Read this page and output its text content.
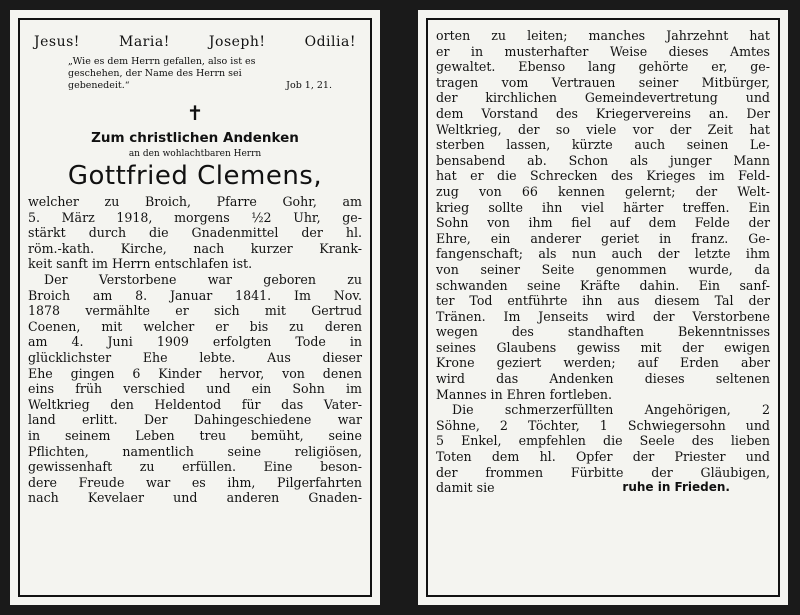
Jesus!	Maria!	Joseph!	Odilia!
„Wie es dem Herrn gefallen, also ist es
geschehen, der Name des Herrn sei
gebenedeit.“	Job 1, 21.
✝
Zum christlichen Andenken
an den wohlachtbaren Herrn
Gottfried Clemens,
welcher zu Broich, Pfarre Gohr, am
5. März 1918, morgens ½2 Uhr, ge-
stärkt durch die Gnadenmittel der hl.
röm.-kath. Kirche, nach kurzer Krank-
keit sanft im Herrn entschlafen ist.
Der Verstorbene war geboren zu
Broich am 8. Januar 1841. Im Nov.
1878 vermählte er sich mit Gertrud
Coenen, mit welcher er bis zu deren
am 4. Juni 1909 erfolgten Tode in
glücklichster Ehe lebte. Aus dieser
Ehe gingen 6 Kinder hervor, von denen
eins früh verschied und ein Sohn im
Weltkrieg den Heldentod für das Vater-
land erlitt. Der Dahingeschiedene war
in seinem Leben treu bemüht, seine
Pflichten, namentlich seine religiösen,
gewissenhaft zu erfüllen. Eine beson-
dere Freude war es ihm, Pilgerfahrten
nach Kevelaer und anderen Gnaden-
orten zu leiten; manches Jahrzehnt hat
er in musterhafter Weise dieses Amtes
gewaltet. Ebenso lang gehörte er, ge-
tragen vom Vertrauen seiner Mitbürger,
der kirchlichen Gemeindevertretung und
dem Vorstand des Kriegervereins an. Der
Weltkrieg, der so viele vor der Zeit hat
sterben lassen, kürzte auch seinen Le-
bensabend ab. Schon als junger Mann
hat er die Schrecken des Krieges im Feld-
zug von 66 kennen gelernt; der Welt-
krieg sollte ihn viel härter treffen. Ein
Sohn von ihm fiel auf dem Felde der
Ehre, ein anderer geriet in franz. Ge-
fangenschaft; als nun auch der letzte ihm
von seiner Seite genommen wurde, da
schwanden seine Kräfte dahin. Ein sanf-
ter Tod entführte ihn aus diesem Tal der
Tränen. Im Jenseits wird der Verstorbene
wegen des standhaften Bekenntnisses
seines Glaubens gewiss mit der ewigen
Krone geziert werden; auf Erden aber
wird das Andenken dieses seltenen
Mannes in Ehren fortleben.
Die schmerzerfüllten Angehörigen, 2
Söhne, 2 Töchter, 1 Schwiegersohn und
5 Enkel, empfehlen die Seele des lieben
Toten dem hl. Opfer der Priester und
der frommen Fürbitte der Gläubigen,
damit sie	ruhe in Frieden.
